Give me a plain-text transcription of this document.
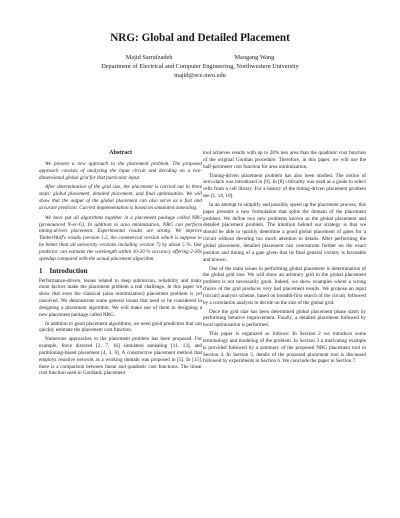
NRG: Global and Detailed Placement
Majid Sarrafzadeh	Maogang Wang
Department of Electrical and Computer Engineering, Northwestern University
majid@ece.nwu.edu
Abstract

We present a new approach to the placement problem. The proposed approach consists of analyzing the input circuit and deciding on a two-dimensional global grid for that particular input.

After determination of the grid size, the placement is carried out in three steps: global placement, detailed placement, and final optimization. We will show that the output of the global placement can also serve as a fast and accurate predictor. Current implementation is based on simulated annealing.

We have put all algorithms together in a placement package called NRG (pronounced N-er-G). In addition to area minimization, NRG can perform timing-driven placement. Experimental results are strong. We improve TimberWolf's results (version 1.2, the commercial version which is suppose to be better than all university versions including version 7) by about 5 %. Our predictor can estimate the wirelength within 10-20 % accuracy offering 2-20x speedup compared with the actual placement algorithm.

1 Introduction

Performance-driven, issues related to deep submicron, reliability and many more factors make the placement problem a real challenge. In this paper we show that even the classical (area minimization) placement problem is yet unsolved. We demonstrate some general issues that need to be considered in designing a placement algorithm. We will make use of them in designing a new placement package called NRG.

In addition to good placement algorithms, we need good predictors that can quickly estimate the placement cost function.

Numerous approaches to the placement problem has been proposed. For example, force directed [2, 7, 16] simulated annealing [11, 13], and partitioning-based placement [4, 3, 6]. A constructive placement method that employs resistive network as a working domain was proposed in [5]. In [15], there is a comparison between linear and quadratic cost functions. The linear cost function used in GordianL placement

tool achieves results with up to 20% less area than the quadratic cost function of the original Gordian procedure. Therefore, in this paper, we will use the half-perimeter cost function for area minimization.

Timing-driven placement problem has also been studied. The notion of zero-slack was introduced in [9]. In [8] criticality was used as a guide to select cells from a cell library. For a history of the timing-driven placement problem see [1, 14, 10].

In an attempt to simplify and possibly speed up the placement process, this paper presents a new formulation that splits the domain of the placement problem. We define two new problems known as the global placement and detailed placement problem. The intuition behind our strategy is that we should be able to quickly determine a good global placement of gates for a circuit without devoting too much attention to details. After performing the global placement, detailed placement can concentrate further on the exact position and timing of a gate given that its final general vicinity is favorable and known.

One of the main issues in performing global placement is determination of the global grid size. We will show an arbitrary grid in the global placement problem is not necessarily good. Indeed, we show examples where a wrong choice of the grid produces very bad placement results. We propose an input (circuit) analysis scheme, based on breadth-first search of the circuit, followed by a correlation analysis to decide on the size of the global grid.

Once the grid size has been determined global placement phase starts by performing iterative improvement. Finally, a detailed placement followed by local optimization is performed.

This paper is organized as follows: In Section 2 we introduce some terminology and modeling of the problem. In Section 3 a motivating example is provided followed by a summary of the proposed NRG placement tool in Section 4. In Section 5, details of the proposed placement tool is discussed followed by experiments in Section 6. We conclude the paper in Section 7.
